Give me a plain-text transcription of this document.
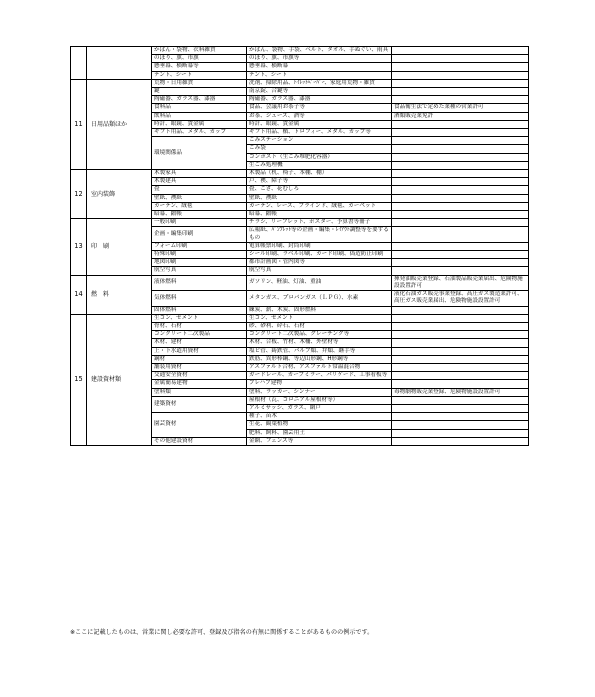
		かばん・袋物、衣料雑貨	かばん、袋物、手袋、ベルト、タオル、手ぬぐい、雨具	
		のぼり、旗、市旗	のぼり、旗、市旗等	
		懸垂幕、横断幕等	懸垂幕、横断幕	
		テント、シート	テント、シート	
11	日用品類ほか	荒物・日用雑貨	洗剤、掃除用品、ﾄｲﾚｯﾄﾍﾟｰﾊﾟｰ、家庭用荒物・雑貨	
		鍵	南京錠、合鍵等	
		陶磁器、ガラス器、漆器	陶磁器、ガラス器、漆器	
		食料品	食品、会議用お茶子等	食品衛生法で定めた業種の営業許可
		飲料品	お茶、ジュース、酒等	酒類販売業免許
		時計、眼鏡、貴金属	時計、眼鏡、貴金属	
		ギフト用品、メダル、カップ	ギフト用品、楯、トロフィー、メダル、カップ等	
		環境関係品	ごみステーション	
			ごみ袋	
			コンポスト（生ごみ堆肥化容器）	
			生ごみ処理機	
12	室内装飾	木製家具	木製品（机、椅子、本棚、棚）	
		木製建具	戸、襖、障子等	
		畳	畳、ござ、花むしろ	
		壁紙、襖紙	壁紙、襖紙	
		カーテン、絨毯	カーテン、レース、ブラインド、絨毯、カーペット	
		暗幕、緞帳	暗幕、緞帳	
13	印　刷	一般印刷	チラシ、リーフレット、ポスター、予算書等冊子	
		企画・編集印刷	広報紙、ﾊﾟﾝﾌﾚｯﾄ等の企画・編集・ﾚｲｱｳﾄ調整等を要するもの	
		フォーム印刷	電算帳票印刷、封筒印刷	
		特殊印刷	シール印刷、ラベル印刷、カード印刷、偽造防止印刷	
		地図印刷	都市計画図・管内図等	
		航空写真	航空写真	
14	燃　料	液体燃料	ガソリン、軽油、灯油、重油	揮発油販売業登録、石油製品販売業届出、危険物施設設置許可
		気体燃料	メタンガス、プロパンガス（ＬＰＧ）、水素	液化石油ガス販売事業登録、高圧ガス製造業許可、高圧ガス販売業届出、危険物施設設置許可
		固体燃料	練炭、薪、木炭、固形燃料	
15	建設資材類	生コン、セメント	生コン、セメント	
		骨材、石材	砂、砂利、砕石、石材	
		コンクリート二次製品	コンクリート二次製品、グレーチング等	
		木材、建材	木材、合板、竹材、木柵、外壁材等	
		上・下水道用資材	塩ビ管、鋳鉄管、バルブ類、弁類、継手等	
		鋼材	鉄筋、異形棒鋼、等辺山形鋼、H形鋼等	
		舗装用資材	アスファルト合材、アスファルト常温混合物	
		交通安全資材	ガードレール、カーブミラー、バリケード、工事看板等	
		金属簡易建物	プレハブ建物	
		塗料類	塗料、ラッカー、シンナー	毒物劇物販売業登録、危険物施設設置許可
		建築資材	屋根材（瓦、コロニアル屋根材等）	
			アルミサッシ、ガラス、網戸	
		園芸資材	種子、苗木	
			生花、観葉植物	
			肥料、飼料、園芸用土	
		その他建設資材	金網、フェンス等	
※ここに記載したものは、営業に関し必要な許可、登録及び指名の有無に関係することがあるものの例示です。
